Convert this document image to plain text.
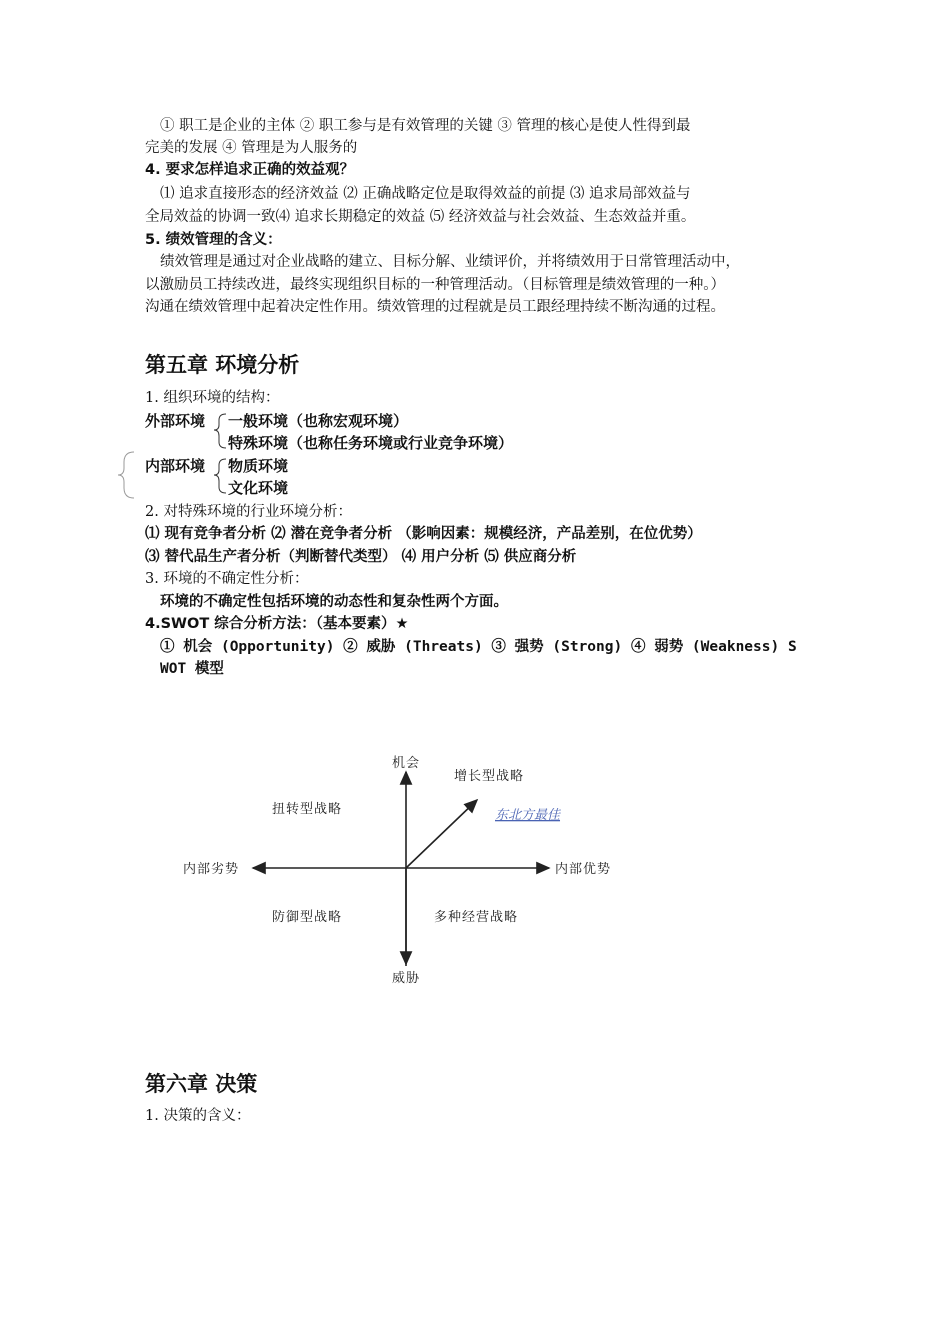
① 职工是企业的主体 ② 职工参与是有效管理的关键 ③ 管理的核心是使人性得到最
完美的发展 ④ 管理是为人服务的
4. 要求怎样追求正确的效益观？
⑴ 追求直接形态的经济效益 ⑵ 正确战略定位是取得效益的前提 ⑶ 追求局部效益与
全局效益的协调一致⑷ 追求长期稳定的效益 ⑸ 经济效益与社会效益、生态效益并重。
5. 绩效管理的含义：
绩效管理是通过对企业战略的建立、目标分解、业绩评价，并将绩效用于日常管理活动中，
以激励员工持续改进，最终实现组织目标的一种管理活动。（目标管理是绩效管理的一种。）
沟通在绩效管理中起着决定性作用。绩效管理的过程就是员工跟经理持续不断沟通的过程。
第五章 环境分析
1. 组织环境的结构：
外部环境 一般环境（也称宏观环境）
特殊环境（也称任务环境或行业竞争环境）
内部环境 物质环境
文化环境
2. 对特殊环境的行业环境分析：
⑴ 现有竞争者分析 ⑵ 潜在竞争者分析 （影响因素：规模经济，产品差别，在位优势）
⑶ 替代品生产者分析（判断替代类型） ⑷ 用户分析 ⑸ 供应商分析
3. 环境的不确定性分析：
环境的不确定性包括环境的动态性和复杂性两个方面。
4.SWOT 综合分析方法：（基本要素）★
① 机会 (Opportunity) ② 威胁 (Threats) ③ 强势 (Strong) ④ 弱势 (Weakness) S
WOT 模型
机会
威胁
内部劣势	内部优势
增长型战略
扭转型战略
防御型战略	多种经营战略
东北方最佳
第六章 决策
1. 决策的含义：
